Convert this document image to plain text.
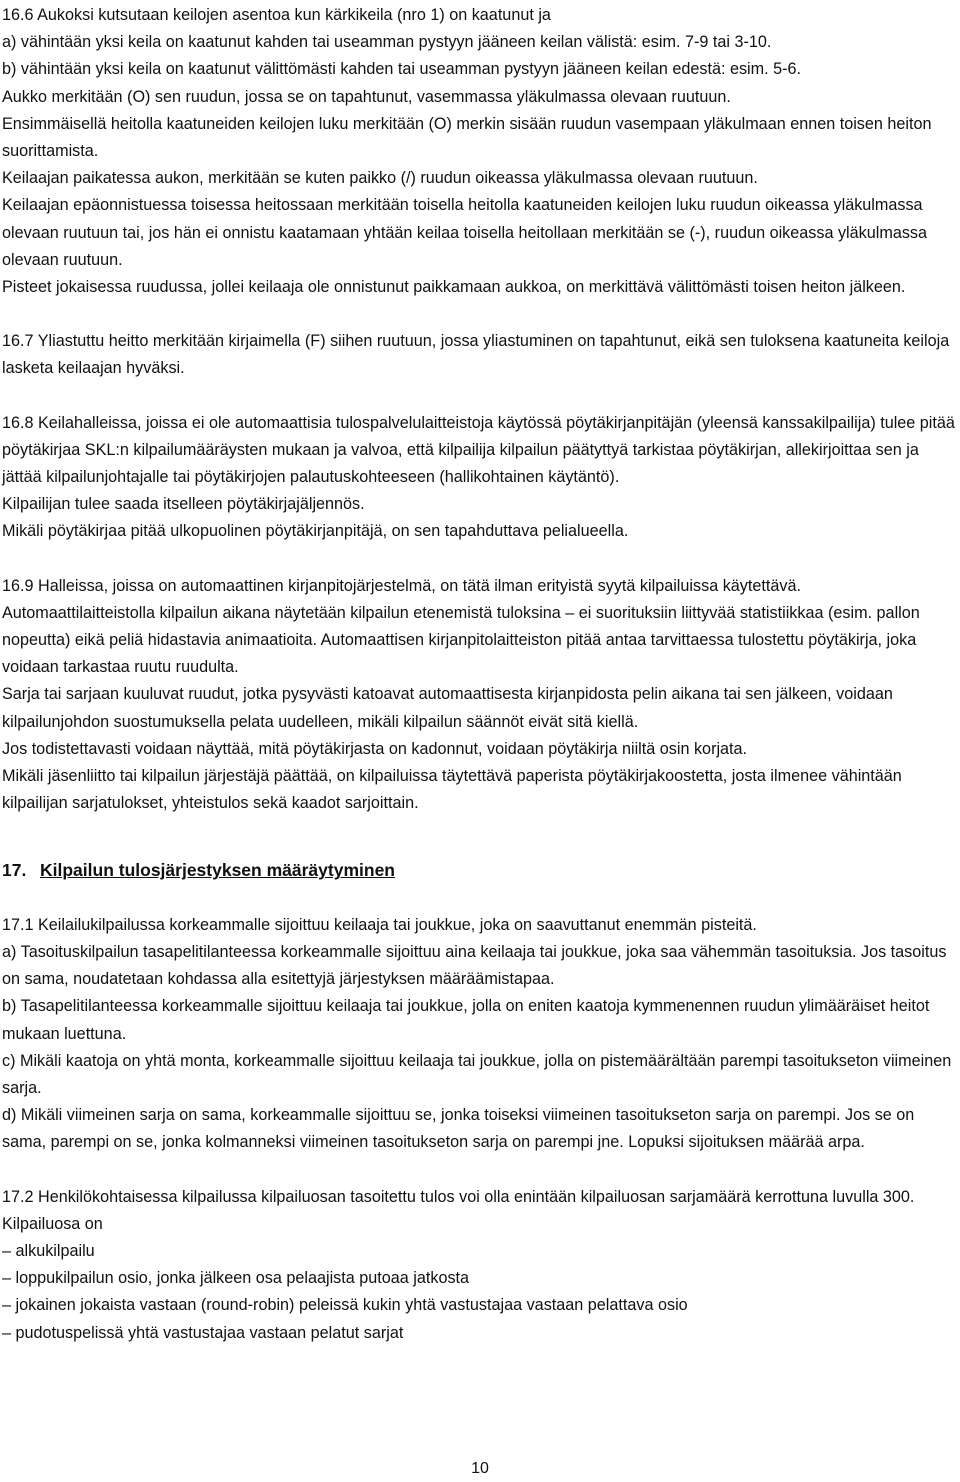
16.6 Aukoksi kutsutaan keilojen asentoa kun kärkikeila (nro 1) on kaatunut ja

a) vähintään yksi keila on kaatunut kahden tai useamman pystyyn jääneen keilan välistä: esim. 7-9 tai 3-10.

b) vähintään yksi keila on kaatunut välittömästi kahden tai useamman pystyyn jääneen keilan edestä: esim. 5-6.

Aukko merkitään (O) sen ruudun, jossa se on tapahtunut, vasemmassa yläkulmassa olevaan ruutuun.

Ensimmäisellä heitolla kaatuneiden keilojen luku merkitään (O) merkin sisään ruudun vasempaan yläkulmaan ennen toisen heiton suorittamista.

Keilaajan paikatessa aukon, merkitään se kuten paikko (/) ruudun oikeassa yläkulmassa olevaan ruutuun.

Keilaajan epäonnistuessa toisessa heitossaan merkitään toisella heitolla kaatuneiden keilojen luku ruudun oikeassa yläkulmassa olevaan ruutuun tai, jos hän ei onnistu kaatamaan yhtään keilaa toisella heitollaan merkitään se (-), ruudun oikeassa yläkulmassa olevaan ruutuun.

Pisteet jokaisessa ruudussa, jollei keilaaja ole onnistunut paikkamaan aukkoa, on merkittävä välittömästi toisen heiton jälkeen.

16.7 Yliastuttu heitto merkitään kirjaimella (F) siihen ruutuun, jossa yliastuminen on tapahtunut, eikä sen tuloksena kaatuneita keiloja lasketa keilaajan hyväksi.

16.8 Keilahalleissa, joissa ei ole automaattisia tulospalvelulaitteistoja käytössä pöytäkirjanpitäjän (yleensä kanssakilpailija) tulee pitää pöytäkirjaa SKL:n kilpailumääräysten mukaan ja valvoa, että kilpailija kilpailun päätyttyä tarkistaa pöytäkirjan, allekirjoittaa sen ja jättää kilpailunjohtajalle tai pöytäkirjojen palautuskohteeseen (hallikohtainen käytäntö).

Kilpailijan tulee saada itselleen pöytäkirjajäljennös.

Mikäli pöytäkirjaa pitää ulkopuolinen pöytäkirjanpitäjä, on sen tapahduttava pelialueella.

16.9 Halleissa, joissa on automaattinen kirjanpitojärjestelmä, on tätä ilman erityistä syytä kilpailuissa käytettävä. Automaattilaitteistolla kilpailun aikana näytetään kilpailun etenemistä tuloksina – ei suorituksiin liittyvää statistiikkaa (esim. pallon nopeutta) eikä peliä hidastavia animaatioita. Automaattisen kirjanpitolaitteiston pitää antaa tarvittaessa tulostettu pöytäkirja, joka voidaan tarkastaa ruutu ruudulta.

Sarja tai sarjaan kuuluvat ruudut, jotka pysyvästi katoavat automaattisesta kirjanpidosta pelin aikana tai sen jälkeen, voidaan kilpailunjohdon suostumuksella pelata uudelleen, mikäli kilpailun säännöt eivät sitä kiellä.

Jos todistettavasti voidaan näyttää, mitä pöytäkirjasta on kadonnut, voidaan pöytäkirja niiltä osin korjata.

Mikäli jäsenliitto tai kilpailun järjestäjä päättää, on kilpailuissa täytettävä paperista pöytäkirjakoostetta, josta ilmenee vähintään kilpailijan sarjatulokset, yhteistulos sekä kaadot sarjoittain.

17. Kilpailun tulosjärjestyksen määräytyminen

17.1 Keilailukilpailussa korkeammalle sijoittuu keilaaja tai joukkue, joka on saavuttanut enemmän pisteitä.

a) Tasoituskilpailun tasapelitilanteessa korkeammalle sijoittuu aina keilaaja tai joukkue, joka saa vähemmän tasoituksia. Jos tasoitus on sama, noudatetaan kohdassa alla esitettyjä järjestyksen määräämistapaa.

b) Tasapelitilanteessa korkeammalle sijoittuu keilaaja tai joukkue, jolla on eniten kaatoja kymmenennen ruudun ylimääräiset heitot mukaan luettuna.

c) Mikäli kaatoja on yhtä monta, korkeammalle sijoittuu keilaaja tai joukkue, jolla on pistemäärältään parempi tasoitukseton viimeinen sarja.

d) Mikäli viimeinen sarja on sama, korkeammalle sijoittuu se, jonka toiseksi viimeinen tasoitukseton sarja on parempi. Jos se on sama, parempi on se, jonka kolmanneksi viimeinen tasoitukseton sarja on parempi jne. Lopuksi sijoituksen määrää arpa.

17.2 Henkilökohtaisessa kilpailussa kilpailuosan tasoitettu tulos voi olla enintään kilpailuosan sarjamäärä kerrottuna luvulla 300. Kilpailuosa on

– alkukilpailu

– loppukilpailun osio, jonka jälkeen osa pelaajista putoaa jatkosta

– jokainen jokaista vastaan (round-robin) peleissä kukin yhtä vastustajaa vastaan pelattava osio

– pudotuspelissä yhtä vastustajaa vastaan pelatut sarjat

10
